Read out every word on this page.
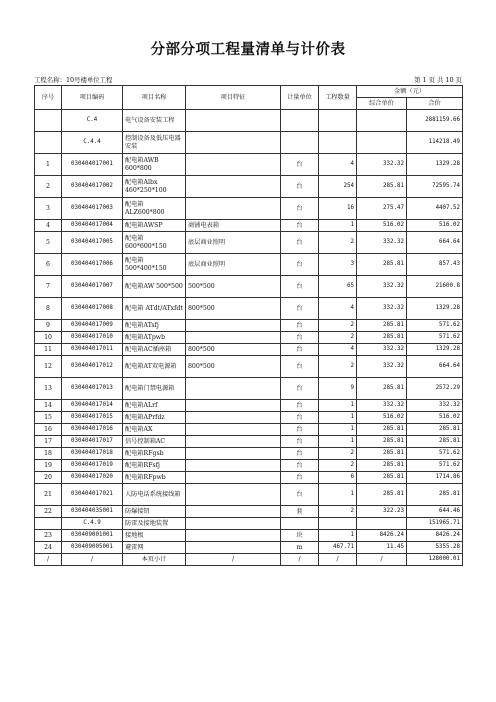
分部分项工程量清单与计价表
工程名称：10号楼单位工程	第 1 页 共 10 页
序号	项目编码	项目名称	项目特征	计量单位	工程数量	金额（元）	
						综合单价	合价
	C.4	电气设备安装工程					2881159.66
	C.4.4	控制设备及低压电器安装					114218.49
1	030404017001	配电箱AWB 600*800		台	4	332.32	1329.28
2	030404017002	配电箱Albx 460*250*100		台	254	285.81	72595.74
3	030404017003	配电箱 ALZ600*800		台	16	275.47	4407.52
4	030404017004	配电箱AWSP	商铺电表箱	台	1	516.02	516.02
5	030404017005	配电箱 600*600*150	底层商业照明	台	2	332.32	664.64
6	030404017006	配电箱 500*400*150	底层商业照明	台	3	285.81	857.43
7	030404017007	配电箱AW 500*500	500*500	台	65	332.32	21600.8
8	030404017008	配电箱 ATdt/ATxfdt	800*500	台	4	332.32	1329.28
9	030404017009	配电箱ATsfj		台	2	285.81	571.62
10	030404017010	配电箱ATpwb		台	2	285.81	571.62
11	030404017011	配电箱AC插座箱	800*500	台	4	332.32	1329.28
12	030404017012	配电箱AT双电源箱	800*500	台	2	332.32	664.64
13	030404017013	配电箱门禁电源箱		台	9	285.81	2572.29
14	030404017014	配电箱ALrf		台	1	332.32	332.32
15	030404017015	配电箱APrfdz		台	1	516.02	516.02
16	030404017016	配电箱AX		台	1	285.81	285.81
17	030404017017	信号控制箱AC		台	1	285.81	285.81
18	030404017018	配电箱RFgsb		台	2	285.81	571.62
19	030404017019	配电箱RFsfj		台	2	285.81	571.62
20	030404017020	配电箱RFpwb		台	6	285.81	1714.86
21	030404017021	人防电话系统接线箱		台	1	285.81	285.81
22	030404035001	防爆接钮		套	2	322.23	644.46
	C.4.9	防雷及接地装置					151965.71
23	030409001001	接地极		块	1	8426.24	8426.24
24	030409005001	避雷网		m	467.71	11.45	5355.28
/	/	本页小计	/	/	/	/	128000.01
